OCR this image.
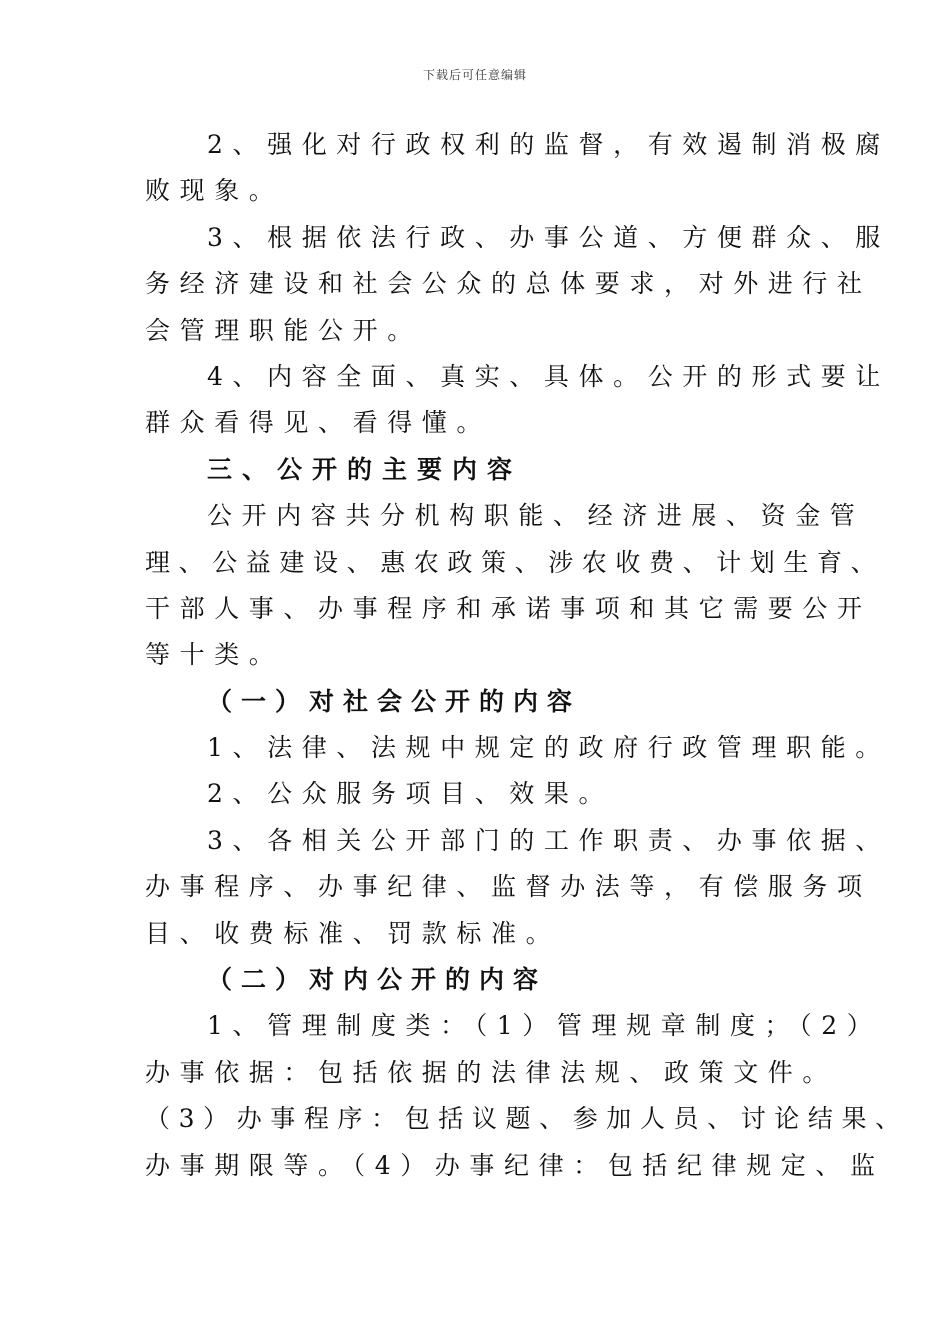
下载后可任意编辑
2、强化对行政权利的监督，有效遏制消极腐
败现象。
3、根据依法行政、办事公道、方便群众、服
务经济建设和社会公众的总体要求，对外进行社
会管理职能公开。
4、内容全面、真实、具体。公开的形式要让
群众看得见、看得懂。
三、公开的主要内容
公开内容共分机构职能、经济进展、资金管
理、公益建设、惠农政策、涉农收费、计划生育、
干部人事、办事程序和承诺事项和其它需要公开
等十类。
（一）对社会公开的内容
1、法律、法规中规定的政府行政管理职能。
2、公众服务项目、效果。
3、各相关公开部门的工作职责、办事依据、
办事程序、办事纪律、监督办法等，有偿服务项
目、收费标准、罚款标准。
（二）对内公开的内容
1、管理制度类：（1）管理规章制度；（2）
办事依据：包括依据的法律法规、政策文件。
（3）办事程序：包括议题、参加人员、讨论结果、
办事期限等。（4）办事纪律：包括纪律规定、监
